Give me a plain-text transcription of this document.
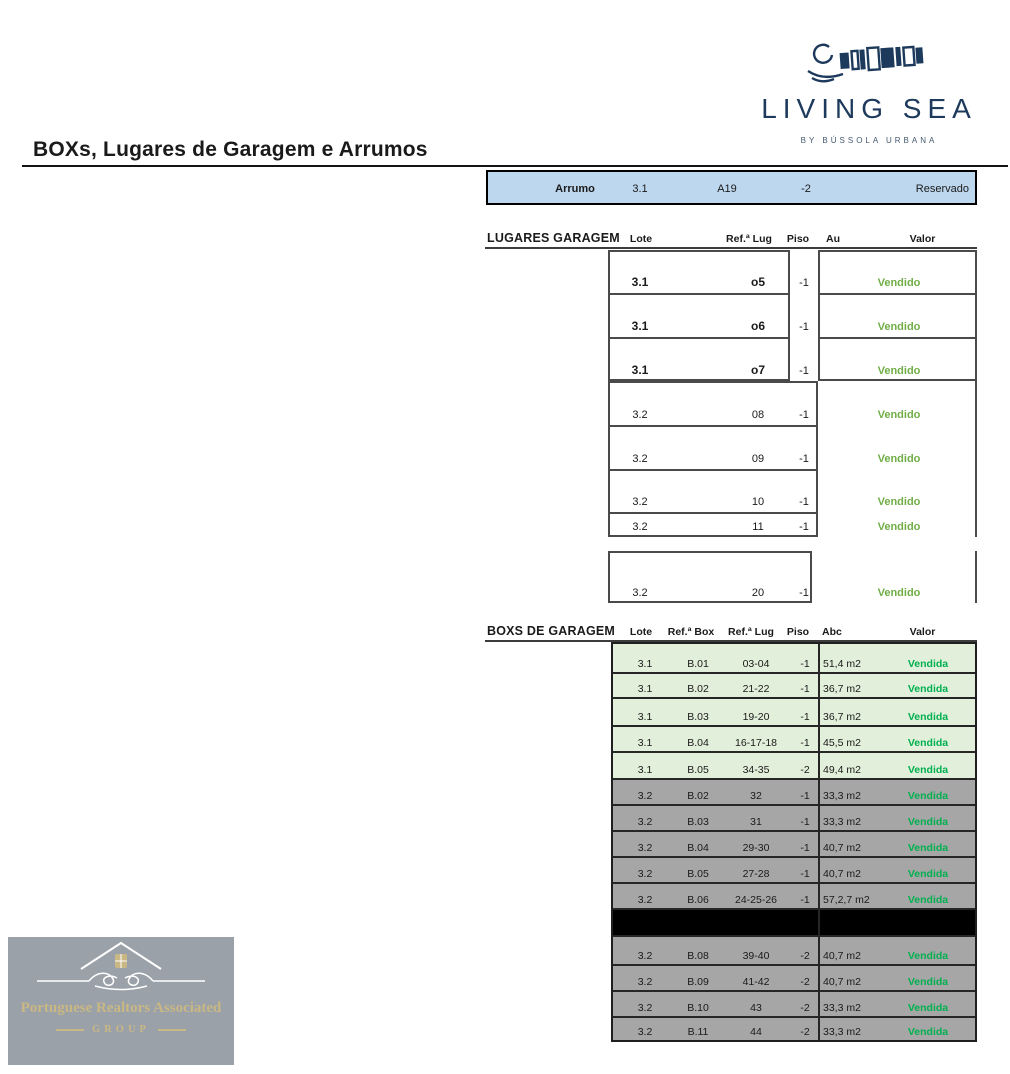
LIVING SEA
BY BÚSSOLA URBANA
BOXs, Lugares de Garagem e Arrumos
Arrumo	3.1	A19	-2	Reservado
LUGARES GARAGEM Lote	Ref.ª Lug	Piso	Au	Valor
BOXS DE GARAGEM	Lote	Ref.ª Box	Ref.ª Lug	Piso	Abc	Valor
Portuguese Realtors Associated
GROUP
3.1	o5	-1	Vendido
3.1	o6	-1	Vendido
3.1	o7	-1	Vendido
3.2	08	-1	Vendido
3.2	09	-1	Vendido
3.2	10	-1	Vendido
3.2	11	-1	Vendido
3.2	20	-1	Vendido
3.1	B.01	03-04	-1	51,4 m2	Vendida
3.1	B.02	21-22	-1	36,7 m2	Vendida
3.1	B.03	19-20	-1	36,7 m2	Vendida
3.1	B.04	16-17-18	-1	45,5 m2	Vendida
3.1	B.05	34-35	-2	49,4 m2	Vendida
3.2	B.02	32	-1	33,3 m2	Vendida
3.2	B.03	31	-1	33,3 m2	Vendida
3.2	B.04	29-30	-1	40,7 m2	Vendida
3.2	B.05	27-28	-1	40,7 m2	Vendida
3.2	B.06	24-25-26	-1	57,2,7 m2	Vendida
3.2	B.08	39-40	-2	40,7 m2	Vendida
3.2	B.09	41-42	-2	40,7 m2	Vendida
3.2	B.10	43	-2	33,3 m2	Vendida
3.2	B.11	44	-2	33,3 m2	Vendida
